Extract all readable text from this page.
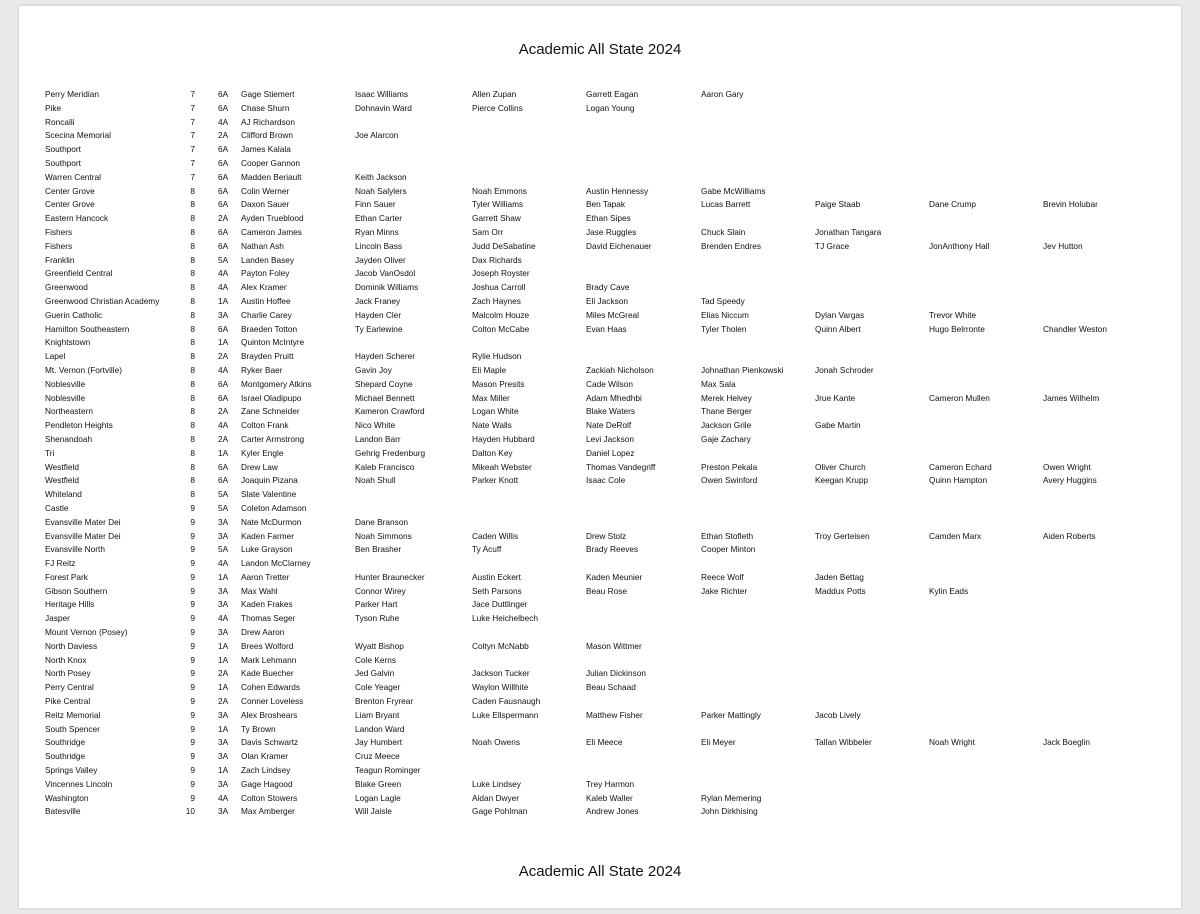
Academic All State 2024
Perry Meridian	7	6A Gage Stiemert	Isaac Williams	Allen Zupan	Garrett Eagan	Aaron Gary
Pike	7	6A Chase Shurn	Dohnavin Ward	Pierce Collins	Logan Young
Roncalli	7	4A AJ Richardson
Scecina Memorial	7	2A Clifford Brown	Joe Alarcon
Southport	7	6A James Kalala
Southport	7	6A Cooper Gannon
Warren Central	7	6A Madden Beriault	Keith Jackson
Center Grove	8	6A Colin Werner	Noah Salylers	Noah Emmons	Austin Hennessy	Gabe McWilliams
Center Grove	8	6A Daxon Sauer	Finn Sauer	Tyler Williams	Ben Tapak	Lucas Barrett	Paige Staab	Dane Crump	Brevin Holubar
Eastern Hancock	8	2A Ayden Trueblood	Ethan Carter	Garrett Shaw	Ethan Sipes
Fishers	8	6A Cameron James	Ryan Minns	Sam Orr	Jase Ruggles	Chuck Slain	Jonathan Tangara
Fishers	8	6A Nathan Ash	Lincoln Bass	Judd DeSabatine	David Eichenauer	Brenden Endres	TJ Grace	JonAnthony Hall	Jev Hutton
Franklin	8	5A Landen Basey	Jayden Oliver	Dax Richards
Greenfield Central	8	4A Payton Foley	Jacob VanOsdol	Joseph Royster
Greenwood	8	4A Alex Kramer	Dominik Williams	Joshua Carroll	Brady Cave
Greenwood Christian Academy	8	1A Austin Hoffee	Jack Franey	Zach Haynes	Eli Jackson	Tad Speedy
Guerin Catholic	8	3A Charlie Carey	Hayden Cler	Malcolm Houze	Miles McGreal	Elias Niccum	Dylan Vargas	Trevor White
Hamilton Southeastern	8	6A Braeden Totton	Ty Earlewine	Colton McCabe	Evan Haas	Tyler Tholen	Quinn Albert	Hugo Belrronte	Chandler Weston
Knightstown	8	1A Quinton McIntyre
Lapel	8	2A Brayden Pruitt	Hayden Scherer	Rylie Hudson
Mt. Vernon (Fortville)	8	4A Ryker Baer	Gavin Joy	Eli Maple	Zackiah Nicholson	Johnathan Pienkowski	Jonah Schroder
Noblesville	8	6A Montgomery Atkins	Shepard Coyne	Mason Presits	Cade Wilson	Max Sala
Noblesville	8	6A Israel Oladipupo	Michael Bennett	Max Miller	Adam Mhedhbi	Merek Helvey	Jrue Kante	Cameron Mullen	James Wilhelm
Northeastern	8	2A Zane Schneider	Kameron Crawford	Logan White	Blake Waters	Thane Berger
Pendleton Heights	8	4A Colton Frank	Nico White	Nate Walls	Nate DeRolf	Jackson Grile	Gabe Martin
Shenandoah	8	2A Carter Armstrong	Landon Barr	Hayden Hubbard	Levi Jackson	Gaje Zachary
Tri	8	1A Kyler Engle	Gehrig Fredenburg	Dalton Key	Daniel Lopez
Westfield	8	6A Drew Law	Kaleb Francisco	Mikeah Webster	Thomas Vandegriff	Preston Pekala	Oliver Church	Cameron Echard	Owen Wright
Westfield	8	6A Joaquin Pizana	Noah Shull	Parker Knott	Isaac Cole	Owen Swinford	Keegan Krupp	Quinn Hampton	Avery Huggins
Whiteland	8	5A Slate Valentine
Castle	9	5A Coleton Adamson
Evansville Mater Dei	9	3A Nate McDurmon	Dane Branson
Evansville Mater Dei	9	3A Kaden Farmer	Noah Simmons	Caden Willis	Drew Stolz	Ethan Stofleth	Troy Gerteisen	Camden Marx	Aiden Roberts
Evansville North	9	5A Luke Grayson	Ben Brasher	Ty Acuff	Brady Reeves	Cooper Minton
FJ Reitz	9	4A Landon McClarney
Forest Park	9	1A Aaron Tretter	Hunter Braunecker	Austin Eckert	Kaden Meunier	Reece Wolf	Jaden Bettag
Gibson Southern	9	3A Max Wahl	Connor Wirey	Seth Parsons	Beau Rose	Jake Richter	Maddux Potts	Kylin Eads
Heritage Hills	9	3A Kaden Frakes	Parker Hart	Jace Duttlinger
Jasper	9	4A Thomas Seger	Tyson Ruhe	Luke Heichelbech
Mount Vernon (Posey)	9	3A Drew Aaron
North Daviess	9	1A Brees Wolford	Wyatt Bishop	Coltyn McNabb	Mason Wittmer
North Knox	9	1A Mark Lehmann	Cole Kerns
North Posey	9	2A Kade Buecher	Jed Galvin	Jackson Tucker	Julian Dickinson
Perry Central	9	1A Cohen Edwards	Cole Yeager	Waylon Willhite	Beau Schaad
Pike Central	9	2A Conner Loveless	Brenton Fryrear	Caden Fausnaugh
Reitz Memorial	9	3A Alex Broshears	Liam Bryant	Luke Ellspermann	Matthew Fisher	Parker Mattingly	Jacob Lively
South Spencer	9	1A Ty Brown	Landon Ward
Southridge	9	3A Davis Schwartz	Jay Humbert	Noah Owens	Eli Meece	Eli Meyer	Tallan Wibbeler	Noah Wright	Jack Boeglin
Southridge	9	3A Olan Kramer	Cruz Meece
Springs Valley	9	1A Zach Lindsey	Teagun Rominger
Vincennes Lincoln	9	3A Gage Hagood	Blake Green	Luke Lindsey	Trey Harmon
Washington	9	4A Colton Stowers	Logan Lagle	Aidan Dwyer	Kaleb Waller	Rylan Memering
Batesville	10	3A Max Amberger	Will Jaisle	Gage Pohlman	Andrew Jones	John Dirkhising
Academic All State 2024
